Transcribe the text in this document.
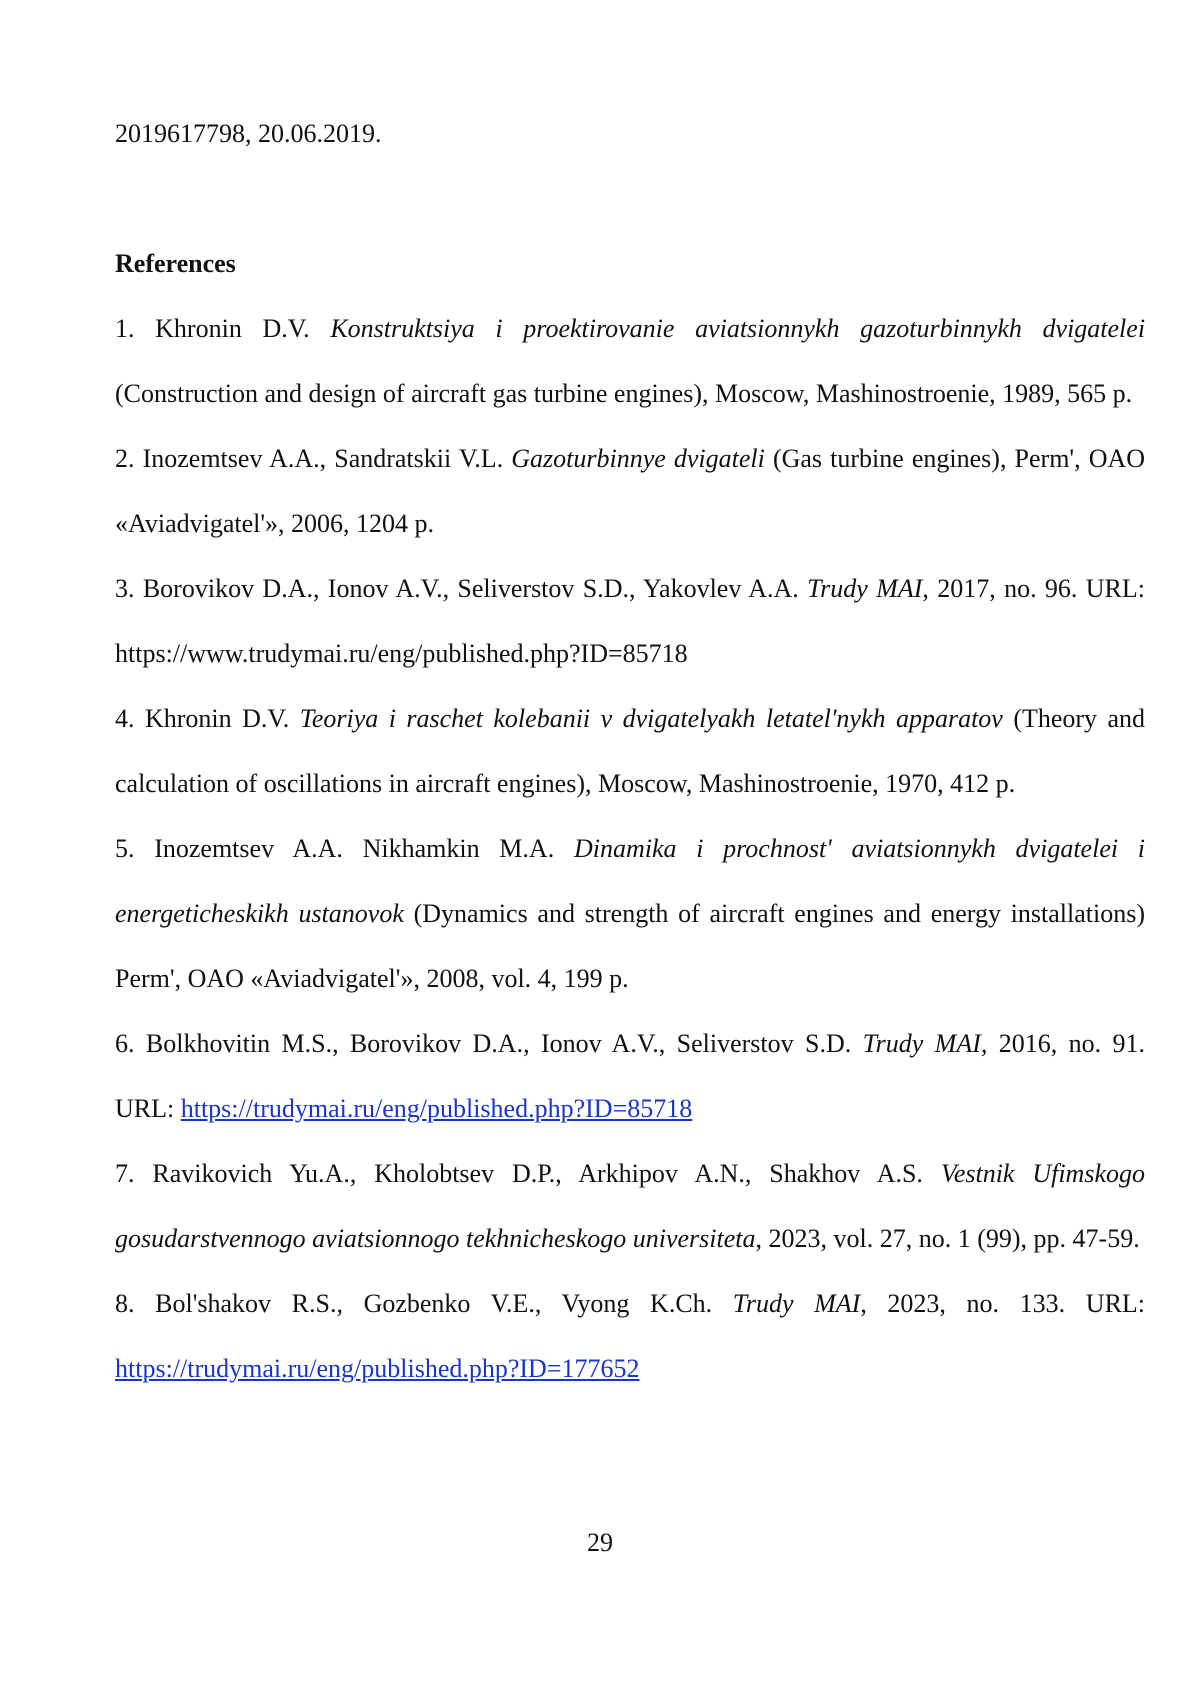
2019617798, 20.06.2019.

References

1. Khronin D.V. Konstruktsiya i proektirovanie aviatsionnykh gazoturbinnykh dvigatelei (Construction and design of aircraft gas turbine engines), Moscow, Mashinostroenie, 1989, 565 p.

2. Inozemtsev A.A., Sandratskii V.L. Gazoturbinnye dvigateli (Gas turbine engines), Perm', OAO «Aviadvigatel'», 2006, 1204 p.

3. Borovikov D.A., Ionov A.V., Seliverstov S.D., Yakovlev A.A. Trudy MAI, 2017, no. 96. URL: https://www.trudymai.ru/eng/published.php?ID=85718

4. Khronin D.V. Teoriya i raschet kolebanii v dvigatelyakh letatel'nykh apparatov (Theory and calculation of oscillations in aircraft engines), Moscow, Mashinostroenie, 1970, 412 p.

5. Inozemtsev A.A. Nikhamkin M.A. Dinamika i prochnost' aviatsionnykh dvigatelei i energeticheskikh ustanovok (Dynamics and strength of aircraft engines and energy installations) Perm', OAO «Aviadvigatel'», 2008, vol. 4, 199 p.

6. Bolkhovitin M.S., Borovikov D.A., Ionov A.V., Seliverstov S.D. Trudy MAI, 2016, no. 91. URL: https://trudymai.ru/eng/published.php?ID=85718

7. Ravikovich Yu.A., Kholobtsev D.P., Arkhipov A.N., Shakhov A.S. Vestnik Ufimskogo gosudarstvennogo aviatsionnogo tekhnicheskogo universiteta, 2023, vol. 27, no. 1 (99), pp. 47-59.

8. Bol'shakov R.S., Gozbenko V.E., Vyong K.Ch. Trudy MAI, 2023, no. 133. URL: https://trudymai.ru/eng/published.php?ID=177652

29
